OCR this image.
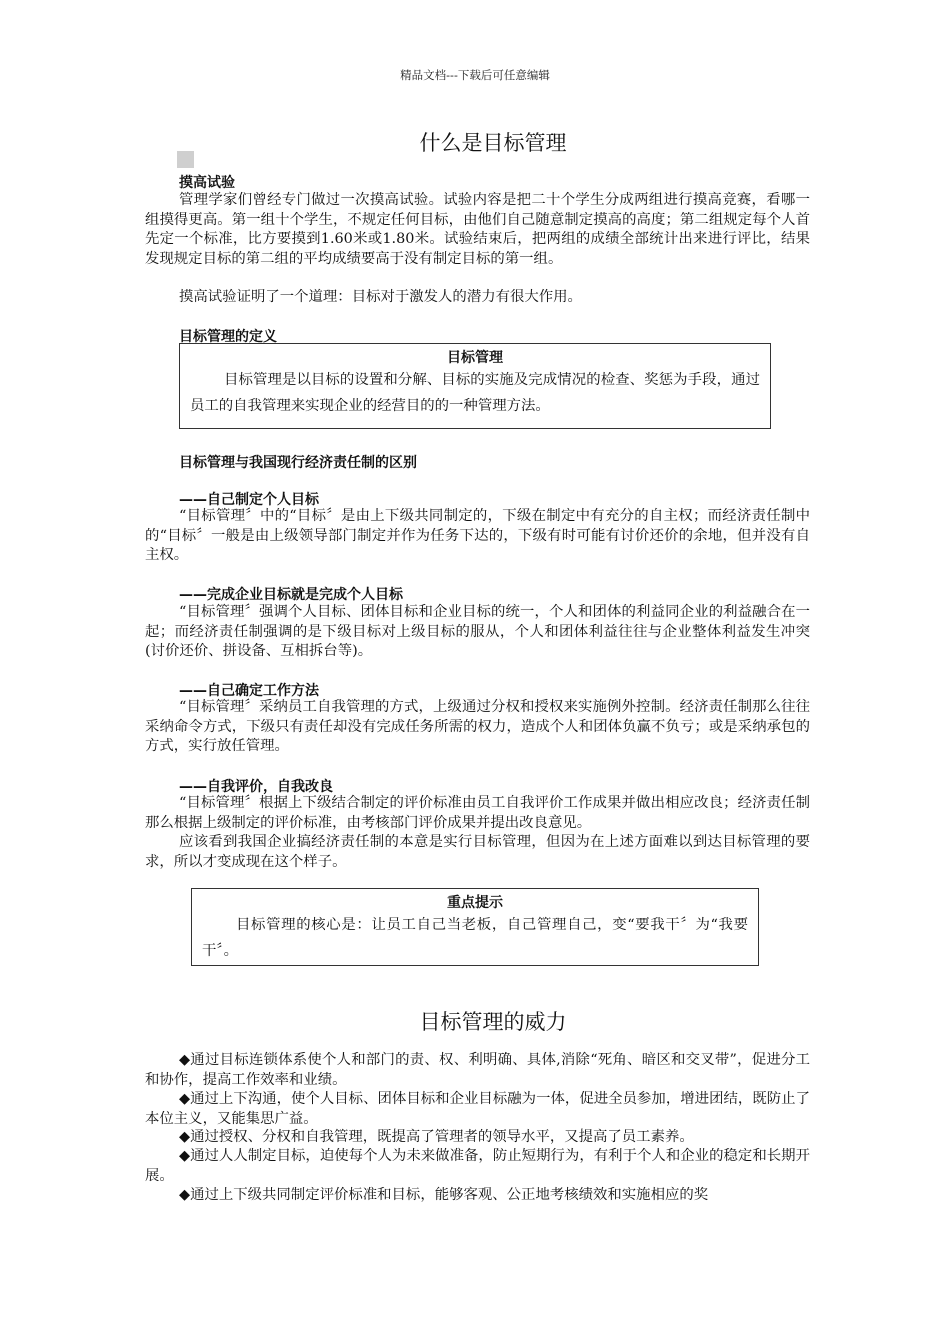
精品文档---下载后可任意编辑
什么是目标管理
摸高试验

管理学家们曾经专门做过一次摸高试验。试验内容是把二十个学生分成两组进行摸高竞赛，看哪一组摸得更高。第一组十个学生，不规定任何目标，由他们自己随意制定摸高的高度；第二组规定每个人首先定一个标准，比方要摸到1.60米或1.80米。试验结束后，把两组的成绩全部统计出来进行评比，结果发现规定目标的第二组的平均成绩要高于没有制定目标的第一组。

摸高试验证明了一个道理：目标对于激发人的潜力有很大作用。

目标管理的定义
目标管理

目标管理是以目标的设置和分解、目标的实施及完成情况的检查、奖惩为手段，通过员工的自我管理来实现企业的经营目的的一种管理方法。

目标管理与我国现行经济责任制的区别
——自己制定个人目标

“目标管理〞中的“目标〞是由上下级共同制定的，下级在制定中有充分的自主权；而经济责任制中的“目标〞一般是由上级领导部门制定并作为任务下达的，下级有时可能有讨价还价的余地，但并没有自主权。

——完成企业目标就是完成个人目标

“目标管理〞强调个人目标、团体目标和企业目标的统一，个人和团体的利益同企业的利益融合在一起；而经济责任制强调的是下级目标对上级目标的服从，个人和团体利益往往与企业整体利益发生冲突(讨价还价、拼设备、互相拆台等)。

——自己确定工作方法

“目标管理〞采纳员工自我管理的方式，上级通过分权和授权来实施例外控制。经济责任制那么往往采纳命令方式，下级只有责任却没有完成任务所需的权力，造成个人和团体负赢不负亏；或是采纳承包的方式，实行放任管理。

——自我评价，自我改良

“目标管理〞根据上下级结合制定的评价标准由员工自我评价工作成果并做出相应改良；经济责任制那么根据上级制定的评价标准，由考核部门评价成果并提出改良意见。

应该看到我国企业搞经济责任制的本意是实行目标管理，但因为在上述方面难以到达目标管理的要求，所以才变成现在这个样子。

重点提示

目标管理的核心是：让员工自己当老板，自己管理自己，变“要我干〞为“我要干〞。

目标管理的威力

◆通过目标连锁体系使个人和部门的责、权、利明确、具体,消除“死角、暗区和交叉带”，促进分工和协作，提高工作效率和业绩。

◆通过上下沟通，使个人目标、团体目标和企业目标融为一体，促进全员参加，增进团结，既防止了本位主义，又能集思广益。

◆通过授权、分权和自我管理，既提高了管理者的领导水平，又提高了员工素养。

◆通过人人制定目标，迫使每个人为未来做准备，防止短期行为，有利于个人和企业的稳定和长期开展。

◆通过上下级共同制定评价标准和目标，能够客观、公正地考核绩效和实施相应的奖
